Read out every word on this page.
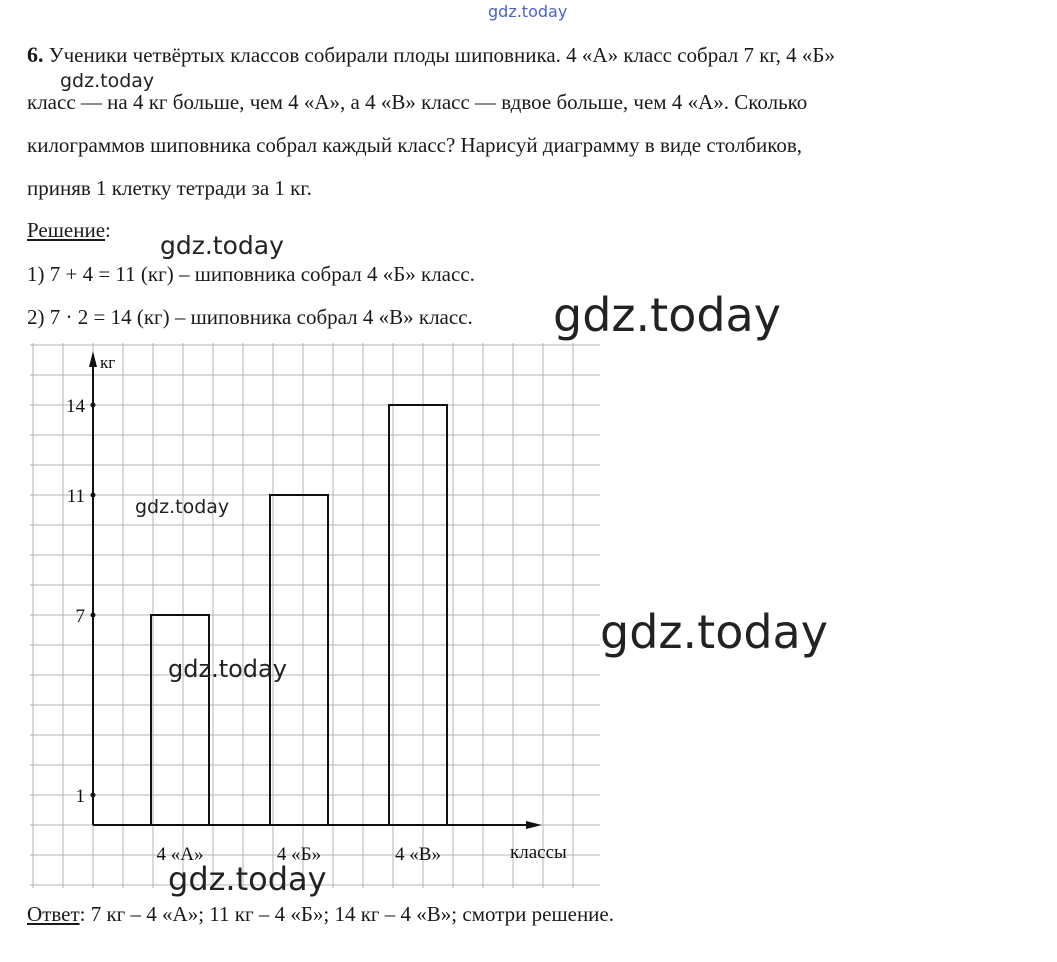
gdz.today
6. Ученики четвёртых классов собирали плоды шиповника. 4 «А» класс собрал 7 кг, 4 «Б»
gdz.today
класс — на 4 кг больше, чем 4 «А», а 4 «В» класс — вдвое больше, чем 4 «А». Сколько
килограммов шиповника собрал каждый класс? Нарисуй диаграмму в виде столбиков,
приняв 1 клетку тетради за 1 кг.
Решение:
gdz.today
1) 7 + 4 = 11 (кг) – шиповника собрал 4 «Б» класс.
2) 7 · 2 = 14 (кг) – шиповника собрал 4 «В» класс. gdz.today
4 «А»	4 «Б»	4 «В»
1
7
11
14
кг
классы
gdz.today
gdz.today
gdz.today
gdz.today
Ответ: 7 кг – 4 «А»; 11 кг – 4 «Б»; 14 кг – 4 «В»; смотри решение.
